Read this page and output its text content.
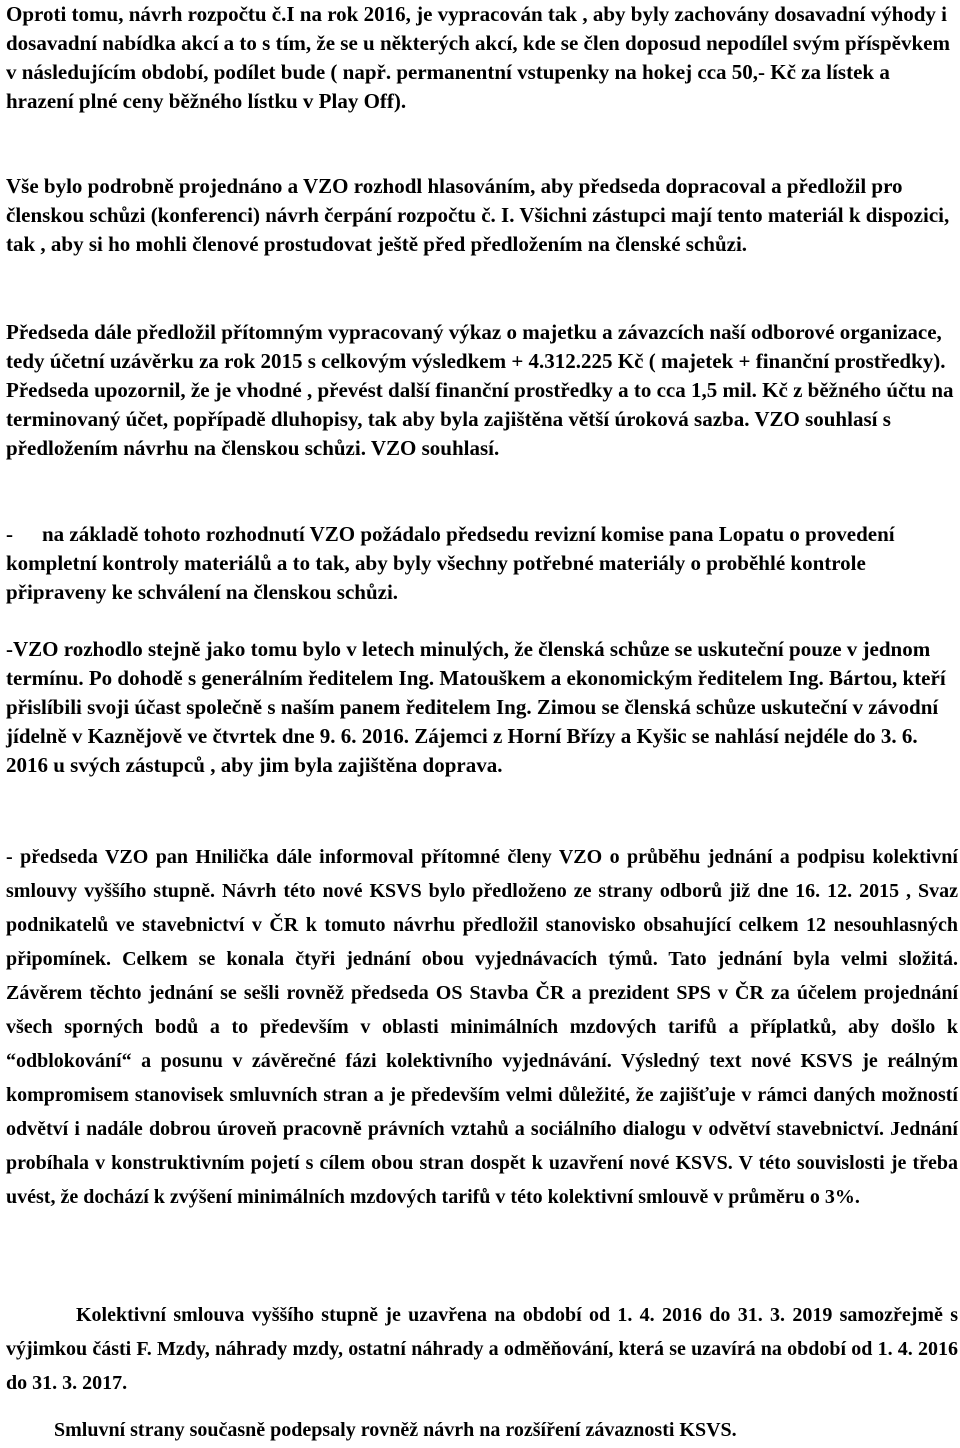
Oproti tomu, návrh rozpočtu č.I na rok 2016, je vypracován tak , aby byly zachovány dosavadní výhody i dosavadní nabídka akcí a to s tím, že se u některých akcí, kde se člen doposud nepodílel svým příspěvkem v následujícím období, podílet bude ( např. permanentní vstupenky na hokej cca 50,- Kč za lístek a hrazení plné ceny běžného lístku v Play Off).

Vše bylo podrobně projednáno a VZO rozhodl hlasováním, aby předseda dopracoval a předložil pro členskou schůzi (konferenci) návrh čerpání rozpočtu č. I. Všichni zástupci mají tento materiál k dispozici, tak , aby si ho mohli členové prostudovat ještě před předložením na členské schůzi.

Předseda dále předložil přítomným vypracovaný výkaz o majetku a závazcích naší odborové organizace, tedy účetní uzávěrku za rok 2015 s celkovým výsledkem + 4.312.225 Kč ( majetek + finanční prostředky). Předseda upozornil, že je vhodné , převést další finanční prostředky a to cca 1,5 mil. Kč z běžného účtu na terminovaný účet, popřípadě dluhopisy, tak aby byla zajištěna větší úroková sazba. VZO souhlasí s předložením návrhu na členskou schůzi. VZO souhlasí.

- na základě tohoto rozhodnutí VZO požádalo předsedu revizní komise pana Lopatu o provedení kompletní kontroly materiálů a to tak, aby byly všechny potřebné materiály o proběhlé kontrole připraveny ke schválení na členskou schůzi.

-VZO rozhodlo stejně jako tomu bylo v letech minulých, že členská schůze se uskuteční pouze v jednom termínu. Po dohodě s generálním ředitelem Ing. Matouškem a ekonomickým ředitelem Ing. Bártou, kteří přislíbili svoji účast společně s naším panem ředitelem Ing. Zimou se členská schůze uskuteční v závodní jídelně v Kaznějově ve čtvrtek dne 9. 6. 2016. Zájemci z Horní Břízy a Kyšic se nahlásí nejdéle do 3. 6. 2016 u svých zástupců , aby jim byla zajištěna doprava.

- předseda VZO pan Hnilička dále informoval přítomné členy VZO o průběhu jednání a podpisu kolektivní smlouvy vyššího stupně. Návrh této nové KSVS bylo předloženo ze strany odborů již dne 16. 12. 2015 , Svaz podnikatelů ve stavebnictví v ČR k tomuto návrhu předložil stanovisko obsahující celkem 12 nesouhlasných připomínek. Celkem se konala čtyři jednání obou vyjednávacích týmů. Tato jednání byla velmi složitá. Závěrem těchto jednání se sešli rovněž předseda OS Stavba ČR a prezident SPS v ČR za účelem projednání všech sporných bodů a to především v oblasti minimálních mzdových tarifů a příplatků, aby došlo k “odblokování“ a posunu v závěrečné fázi kolektivního vyjednávání. Výsledný text nové KSVS je reálným kompromisem stanovisek smluvních stran a je především velmi důležité, že zajišťuje v rámci daných možností odvětví i nadále dobrou úroveň pracovně právních vztahů a sociálního dialogu v odvětví stavebnictví. Jednání probíhala v konstruktivním pojetí s cílem obou stran dospět k uzavření nové KSVS. V této souvislosti je třeba uvést, že dochází k zvýšení minimálních mzdových tarifů v této kolektivní smlouvě v průměru o 3%.

Kolektivní smlouva vyššího stupně je uzavřena na období od 1. 4. 2016 do 31. 3. 2019 samozřejmě s výjimkou části F. Mzdy, náhrady mzdy, ostatní náhrady a odměňování, která se uzavírá na období od 1. 4. 2016 do 31. 3. 2017.

Smluvní strany současně podepsaly rovněž návrh na rozšíření závaznosti KSVS.
